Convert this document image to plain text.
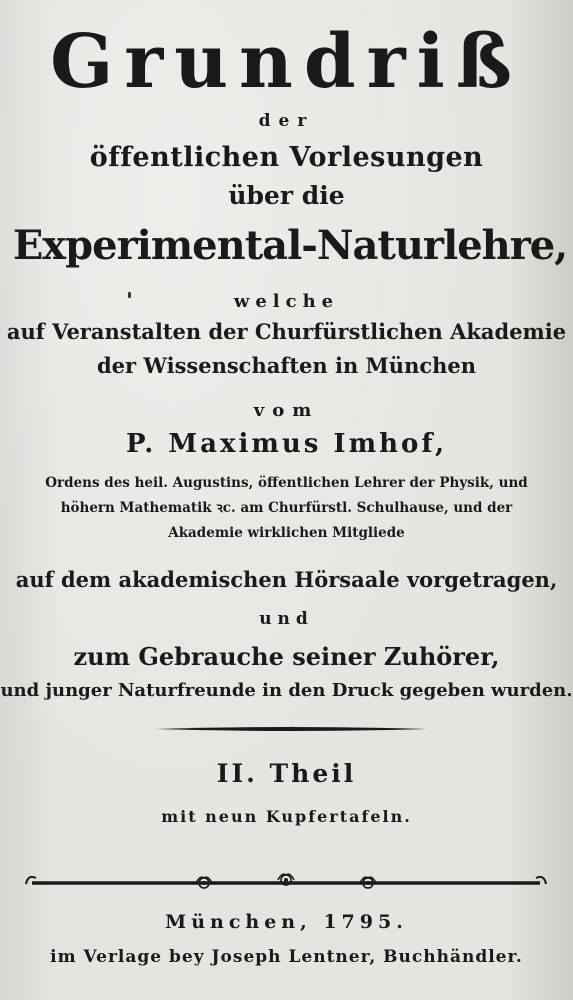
Grundriß
der
öffentlichen Vorlesungen
über die
Experimental-Naturlehre,
welche
auf Veranstalten der Churfürstlichen Akademie
der Wissenschaften in München
vom
P. Maximus Imhof,
Ordens des heil. Augustins, öffentlichen Lehrer der Physik, und
höhern Mathematik ꝛc. am Churfürstl. Schulhause, und der
Akademie wirklichen Mitgliede
auf dem akademischen Hörsaale vorgetragen,
und
zum Gebrauche seiner Zuhörer,
und junger Naturfreunde in den Druck gegeben wurden.
II. Theil
mit neun Kupfertafeln.
München, 1795.
im Verlage bey Joseph Lentner, Buchhändler.
